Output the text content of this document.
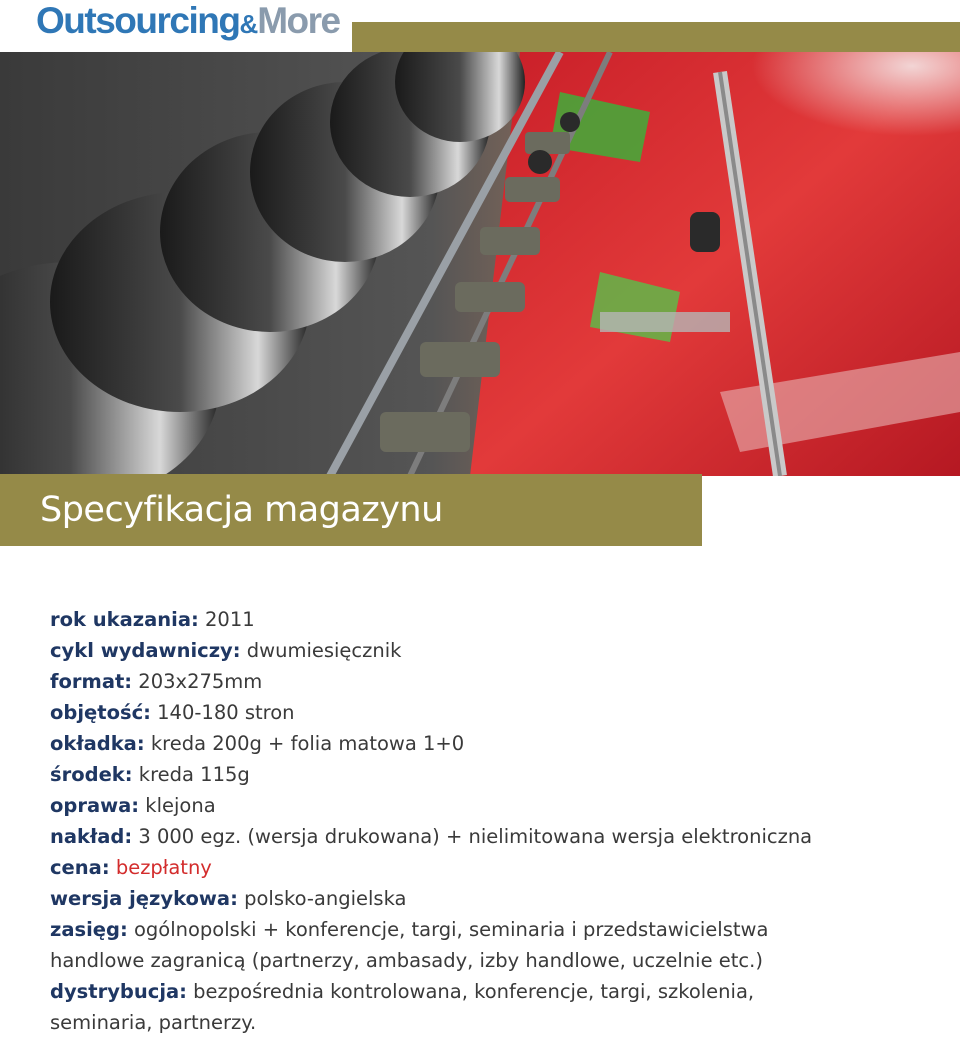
Outsourcing & More
Specyfikacja magazynu
rok ukazania: 2011
cykl wydawniczy: dwumiesięcznik
format: 203x275mm
objętość: 140-180 stron
okładka: kreda 200g + folia matowa 1+0
środek: kreda 115g
oprawa: klejona
nakład: 3 000 egz. (wersja drukowana) + nielimitowana wersja elektroniczna
cena: bezpłatny
wersja językowa: polsko-angielska
zasięg: ogólnopolski + konferencje, targi, seminaria i przedstawicielstwa
handlowe zagranicą (partnerzy, ambasady, izby handlowe, uczelnie etc.)
dystrybucja: bezpośrednia kontrolowana, konferencje, targi, szkolenia,
seminaria, partnerzy.
